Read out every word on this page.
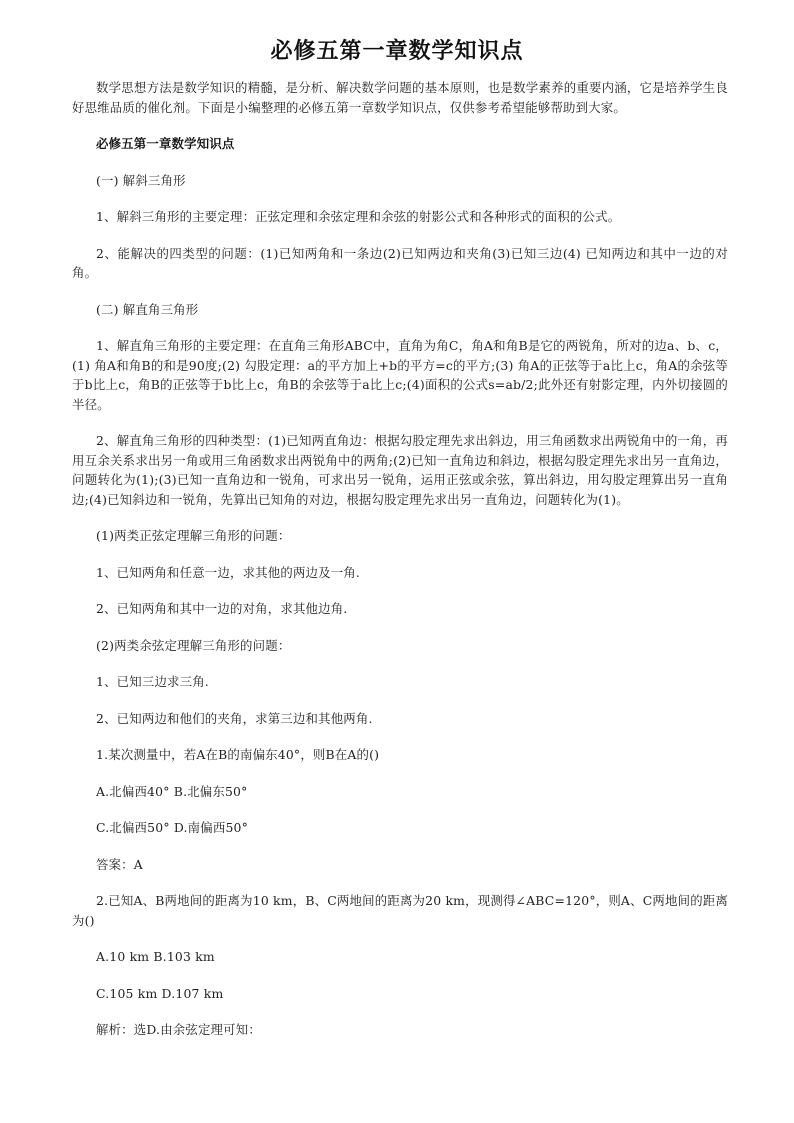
必修五第一章数学知识点

数学思想方法是数学知识的精髓，是分析、解决数学问题的基本原则，也是数学素养的重要内涵，它是培养学生良好思维品质的催化剂。下面是小编整理的必修五第一章数学知识点，仅供参考希望能够帮助到大家。

必修五第一章数学知识点

(一) 解斜三角形

1、解斜三角形的主要定理：正弦定理和余弦定理和余弦的射影公式和各种形式的面积的公式。

2、能解决的四类型的问题：(1)已知两角和一条边(2)已知两边和夹角(3)已知三边(4) 已知两边和其中一边的对角。

(二) 解直角三角形

1、解直角三角形的主要定理：在直角三角形ABC中，直角为角C，角A和角B是它的两锐角，所对的边a、b、c，(1) 角A和角B的和是90度;(2) 勾股定理：a的平方加上+b的平方=c的平方;(3) 角A的正弦等于a比上c，角A的余弦等于b比上c，角B的正弦等于b比上c，角B的余弦等于a比上c;(4)面积的公式s=ab/2;此外还有射影定理，内外切接圆的半径。

2、解直角三角形的四种类型：(1)已知两直角边：根据勾股定理先求出斜边，用三角函数求出两锐角中的一角，再用互余关系求出另一角或用三角函数求出两锐角中的两角;(2)已知一直角边和斜边，根据勾股定理先求出另一直角边，问题转化为(1);(3)已知一直角边和一锐角，可求出另一锐角，运用正弦或余弦，算出斜边，用勾股定理算出另一直角边;(4)已知斜边和一锐角，先算出已知角的对边，根据勾股定理先求出另一直角边，问题转化为(1)。

(1)两类正弦定理解三角形的问题：

1、已知两角和任意一边，求其他的两边及一角.

2、已知两角和其中一边的对角，求其他边角.

(2)两类余弦定理解三角形的问题：

1、已知三边求三角.

2、已知两边和他们的夹角，求第三边和其他两角.

1.某次测量中，若A在B的南偏东40°，则B在A的()

A.北偏西40° B.北偏东50°

C.北偏西50° D.南偏西50°

答案：A

2.已知A、B两地间的距离为10 km，B、C两地间的距离为20 km，现测得∠ABC=120°，则A、C两地间的距离为()

A.10 km B.103 km

C.105 km D.107 km

解析：选D.由余弦定理可知：
